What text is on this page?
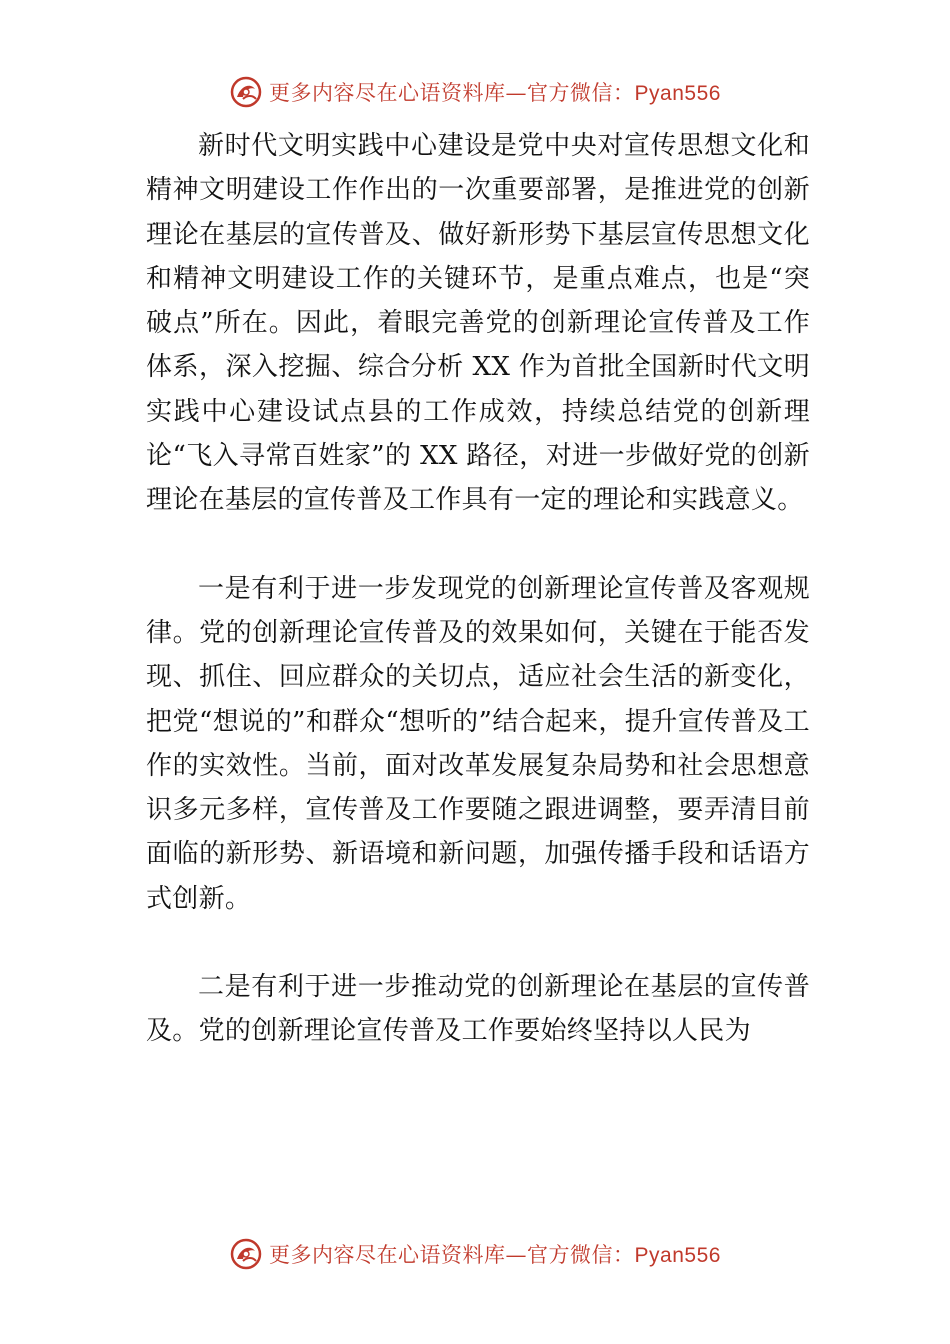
更多内容尽在心语资料库—官方微信：Pyan556

新时代文明实践中心建设是党中央对宣传思想文化和精神文明建设工作作出的一次重要部署，是推进党的创新理论在基层的宣传普及、做好新形势下基层宣传思想文化和精神文明建设工作的关键环节，是重点难点，也是“突破点”所在。因此，着眼完善党的创新理论宣传普及工作体系，深入挖掘、综合分析 XX 作为首批全国新时代文明实践中心建设试点县的工作成效，持续总结党的创新理论“飞入寻常百姓家”的 XX 路径，对进一步做好党的创新理论在基层的宣传普及工作具有一定的理论和实践意义。

一是有利于进一步发现党的创新理论宣传普及客观规律。党的创新理论宣传普及的效果如何，关键在于能否发现、抓住、回应群众的关切点，适应社会生活的新变化，把党“想说的”和群众“想听的”结合起来，提升宣传普及工作的实效性。当前，面对改革发展复杂局势和社会思想意识多元多样，宣传普及工作要随之跟进调整，要弄清目前面临的新形势、新语境和新问题，加强传播手段和话语方式创新。

二是有利于进一步推动党的创新理论在基层的宣传普及。党的创新理论宣传普及工作要始终坚持以人民为

更多内容尽在心语资料库—官方微信：Pyan556
